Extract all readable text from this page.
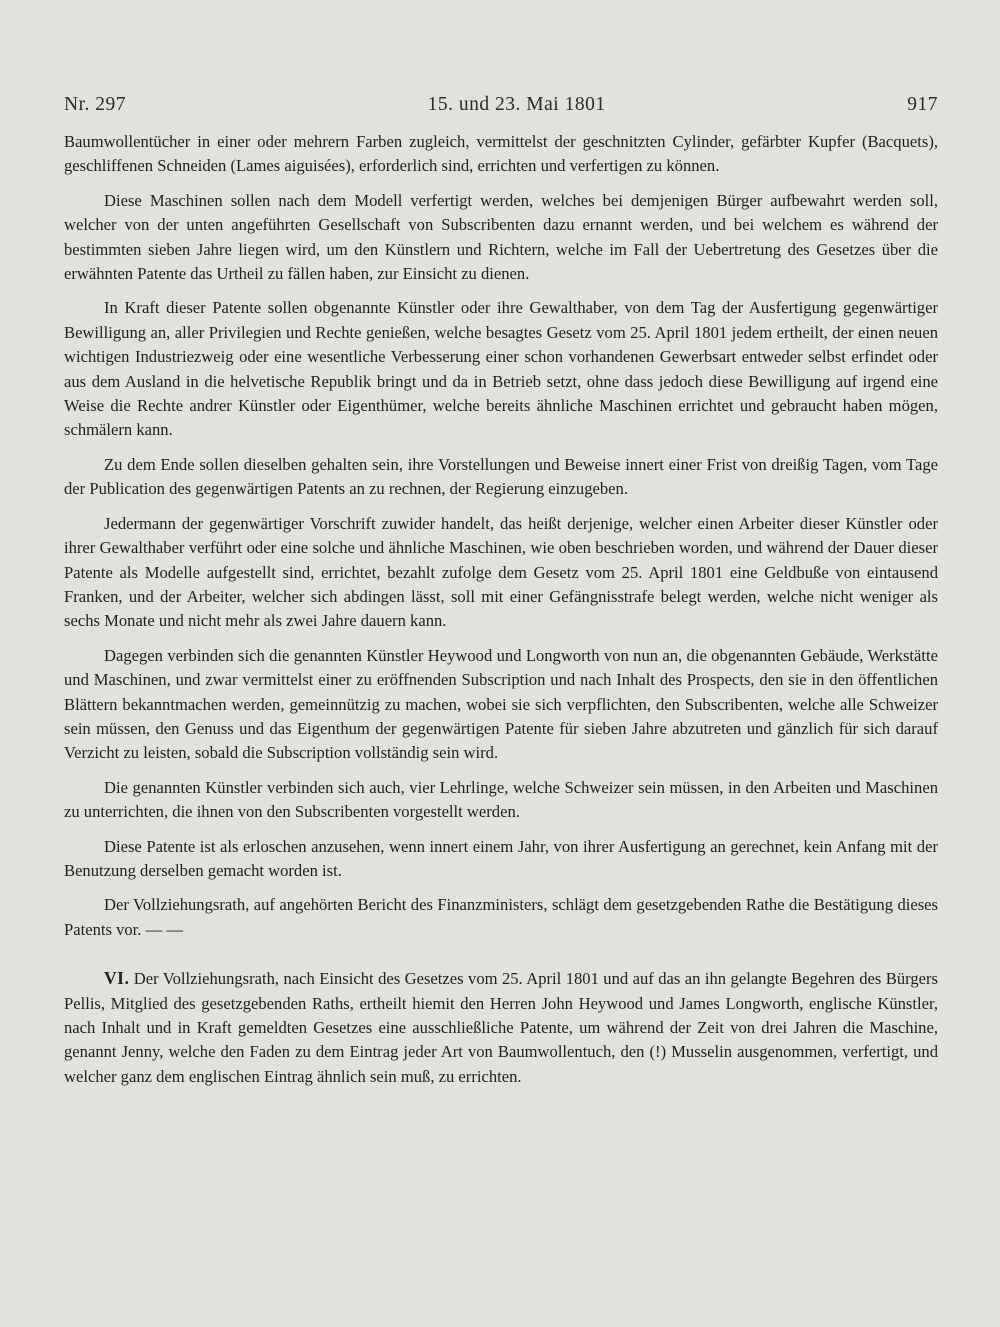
Nr. 297	15. und 23. Mai 1801	917

Baumwollentücher in einer oder mehrern Farben zugleich, vermittelst der geschnitzten Cylinder, gefärbter Kupfer (Bacquets), geschliffenen Schneiden (Lames aiguisées), erforderlich sind, errichten und verfertigen zu können.

Diese Maschinen sollen nach dem Modell verfertigt werden, welches bei demjenigen Bürger aufbewahrt werden soll, welcher von der unten angeführten Gesellschaft von Subscribenten dazu ernannt werden, und bei welchem es während der bestimmten sieben Jahre liegen wird, um den Künstlern und Richtern, welche im Fall der Uebertretung des Gesetzes über die erwähnten Patente das Urtheil zu fällen haben, zur Einsicht zu dienen.

In Kraft dieser Patente sollen obgenannte Künstler oder ihre Gewalthaber, von dem Tag der Ausfertigung gegenwärtiger Bewilligung an, aller Privilegien und Rechte genießen, welche besagtes Gesetz vom 25. April 1801 jedem ertheilt, der einen neuen wichtigen Industriezweig oder eine wesentliche Verbesserung einer schon vorhandenen Gewerbsart entweder selbst erfindet oder aus dem Ausland in die helvetische Republik bringt und da in Betrieb setzt, ohne dass jedoch diese Bewilligung auf irgend eine Weise die Rechte andrer Künstler oder Eigenthümer, welche bereits ähnliche Maschinen errichtet und gebraucht haben mögen, schmälern kann.

Zu dem Ende sollen dieselben gehalten sein, ihre Vorstellungen und Beweise innert einer Frist von dreißig Tagen, vom Tage der Publication des gegenwärtigen Patents an zu rechnen, der Regierung einzugeben.

Jedermann der gegenwärtiger Vorschrift zuwider handelt, das heißt derjenige, welcher einen Arbeiter dieser Künstler oder ihrer Gewalthaber verführt oder eine solche und ähnliche Maschinen, wie oben beschrieben worden, und während der Dauer dieser Patente als Modelle aufgestellt sind, errichtet, bezahlt zufolge dem Gesetz vom 25. April 1801 eine Geldbuße von eintausend Franken, und der Arbeiter, welcher sich abdingen lässt, soll mit einer Gefängnisstrafe belegt werden, welche nicht weniger als sechs Monate und nicht mehr als zwei Jahre dauern kann.

Dagegen verbinden sich die genannten Künstler Heywood und Longworth von nun an, die obgenannten Gebäude, Werkstätte und Maschinen, und zwar vermittelst einer zu eröffnenden Subscription und nach Inhalt des Prospects, den sie in den öffentlichen Blättern bekanntmachen werden, gemeinnützig zu machen, wobei sie sich verpflichten, den Subscribenten, welche alle Schweizer sein müssen, den Genuss und das Eigenthum der gegenwärtigen Patente für sieben Jahre abzutreten und gänzlich für sich darauf Verzicht zu leisten, sobald die Subscription vollständig sein wird.

Die genannten Künstler verbinden sich auch, vier Lehrlinge, welche Schweizer sein müssen, in den Arbeiten und Maschinen zu unterrichten, die ihnen von den Subscribenten vorgestellt werden.

Diese Patente ist als erloschen anzusehen, wenn innert einem Jahr, von ihrer Ausfertigung an gerechnet, kein Anfang mit der Benutzung derselben gemacht worden ist.

Der Vollziehungsrath, auf angehörten Bericht des Finanzministers, schlägt dem gesetzgebenden Rathe die Bestätigung dieses Patents vor. — —

VI. Der Vollziehungsrath, nach Einsicht des Gesetzes vom 25. April 1801 und auf das an ihn gelangte Begehren des Bürgers Pellis, Mitglied des gesetzgebenden Raths, ertheilt hiemit den Herren John Heywood und James Longworth, englische Künstler, nach Inhalt und in Kraft gemeldten Gesetzes eine ausschließliche Patente, um während der Zeit von drei Jahren die Maschine, genannt Jenny, welche den Faden zu dem Eintrag jeder Art von Baumwollentuch, den (!) Musselin ausgenommen, verfertigt, und welcher ganz dem englischen Eintrag ähnlich sein muß, zu errichten.
